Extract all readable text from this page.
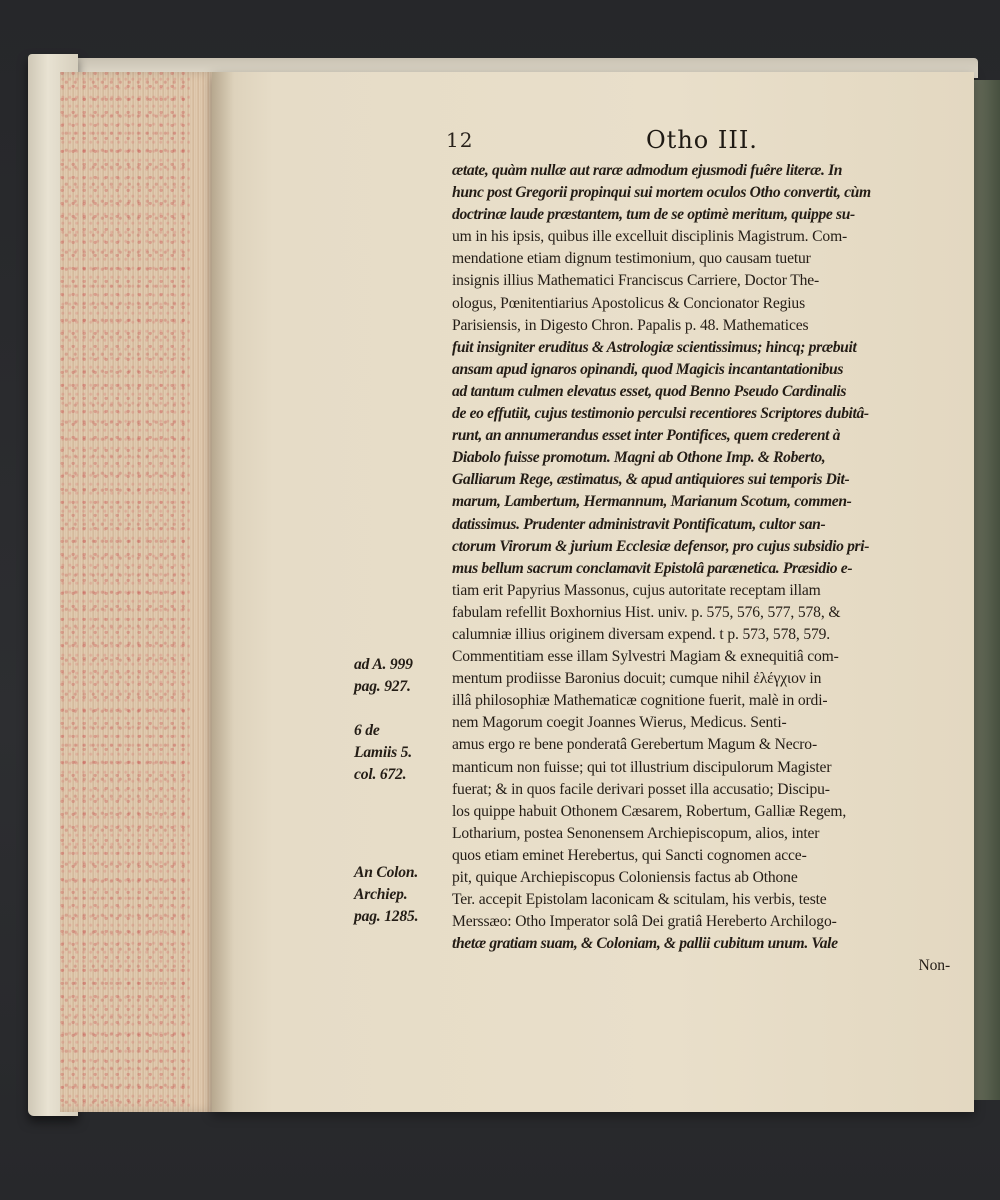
12	Otho III.
ad A. 999
pag. 927.
6 de
Lamiis 5.
col. 672.
An Colon.
Archiep.
pag. 1285.
ætate, quàm nullæ aut raræ admodum ejusmodi fuêre literæ. In
hunc post Gregorii propinqui sui mortem oculos Otho convertit, cùm
doctrinæ laude præstantem, tum de se optimè meritum, quippe su-
um in his ipsis, quibus ille excelluit disciplinis Magistrum. Com-
mendatione etiam dignum testimonium, quo causam tuetur
insignis illius Mathematici Franciscus Carriere, Doctor The-
ologus, Pœnitentiarius Apostolicus & Concionator Regius
Parisiensis, in Digesto Chron. Papalis p. 48. Mathematices
fuit insigniter eruditus & Astrologiæ scientissimus; hincq; præbuit
ansam apud ignaros opinandi, quod Magicis incantantationibus
ad tantum culmen elevatus esset, quod Benno Pseudo Cardinalis
de eo effutiit, cujus testimonio perculsi recentiores Scriptores dubitâ-
runt, an annumerandus esset inter Pontifices, quem crederent à
Diabolo fuisse promotum. Magni ab Othone Imp. & Roberto,
Galliarum Rege, æstimatus, & apud antiquiores sui temporis Dit-
marum, Lambertum, Hermannum, Marianum Scotum, commen-
datissimus. Prudenter administravit Pontificatum, cultor san-
ctorum Virorum & jurium Ecclesiæ defensor, pro cujus subsidio pri-
mus bellum sacrum conclamavit Epistolâ parænetica. Præsidio e-
tiam erit Papyrius Massonus, cujus autoritate receptam illam
fabulam refellit Boxhornius Hist. univ. p. 575, 576, 577, 578, &
calumniæ illius originem diversam expend. t p. 573, 578, 579.
Commentitiam esse illam Sylvestri Magiam & exnequitiâ com-
mentum prodiisse Baronius docuit; cumque nihil ἐλέγχιον in
illâ philosophiæ Mathematicæ cognitione fuerit, malè in ordi-
nem Magorum coegit Joannes Wierus, Medicus. Senti-
amus ergo re bene ponderatâ Gerebertum Magum & Necro-
manticum non fuisse; qui tot illustrium discipulorum Magister
fuerat; & in quos facile derivari posset illa accusatio; Discipu-
los quippe habuit Othonem Cæsarem, Robertum, Galliæ Regem,
Lotharium, postea Senonensem Archiepiscopum, alios, inter
quos etiam eminet Herebertus, qui Sancti cognomen acce-
pit, quique Archiepiscopus Coloniensis factus ab Othone
Ter. accepit Epistolam laconicam & scitulam, his verbis, teste
Merssæo: Otho Imperator solâ Dei gratiâ Hereberto Archilogo-
thetæ gratiam suam, & Coloniam, & pallii cubitum unum. Vale
Non-
